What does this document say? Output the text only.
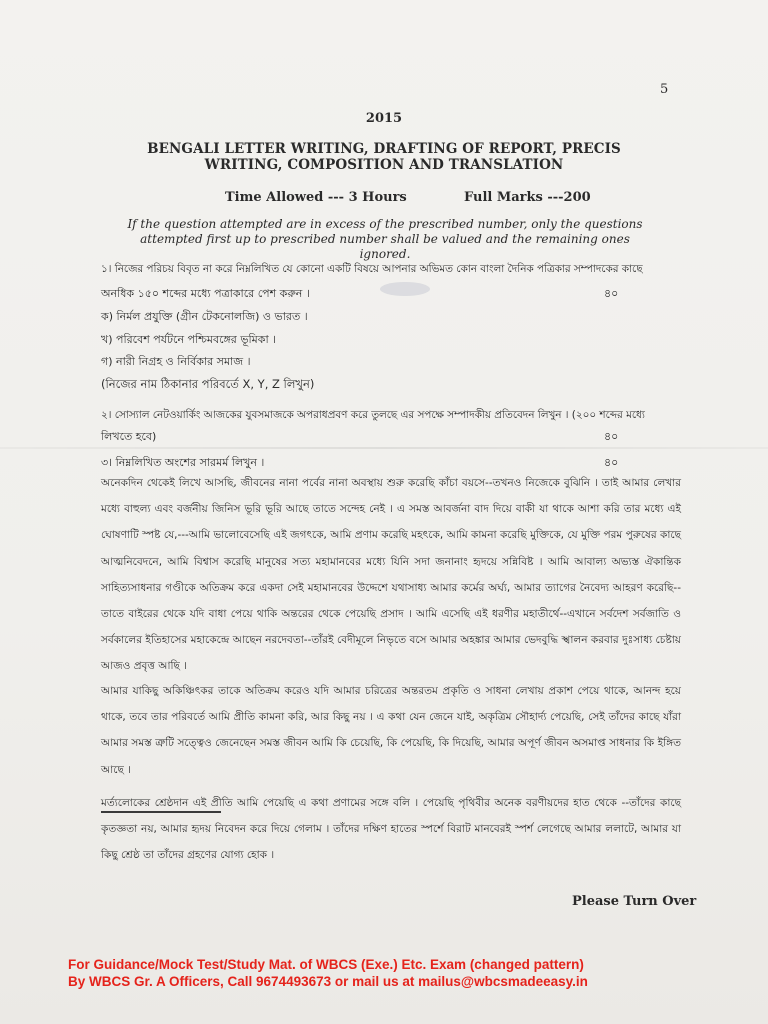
5
2015
BENGALI LETTER WRITING, DRAFTING OF REPORT, PRECIS WRITING, COMPOSITION AND TRANSLATION
Time Allowed --- 3 Hours	Full Marks ---200
If the question attempted are in excess of the prescribed number, only the questions attempted first up to prescribed number shall be valued and the remaining ones ignored.
১। নিজের পরিচয় বিবৃত না করে নিম্নলিখিত যে কোনো একটি বিষয়ে আপনার অভিমত কোন বাংলা দৈনিক পত্রিকার সম্পাদকের কাছে
অনধিক ১৫০ শব্দের মধ্যে পত্রাকারে পেশ করুন ।	৪০
ক) নির্মল প্রযুক্তি (গ্রীন টেকনোলজি) ও ভারত ।
খ) পরিবেশ পর্যটনে পশ্চিমবঙ্গের ভূমিকা ।
গ) নারী নিগ্রহ ও নির্বিকার সমাজ ।
(নিজের নাম ঠিকানার পরিবর্তে X, Y, Z লিখুন)
২। সোস্যাল নেটওয়ার্কিং আজকের যুবসমাজকে অপরাধপ্রবণ করে তুলছে এর সপক্ষে সম্পাদকীয় প্রতিবেদন লিখুন । (২০০ শব্দের মধ্যে
লিখতে হবে)	৪০
৩। নিম্নলিখিত অংশের সারমর্ম লিখুন ।	৪০
অনেকদিন থেকেই লিখে আসছি, জীবনের নানা পর্বের নানা অবস্থায় শুরু করেছি কাঁচা বয়সে--তখনও নিজেকে বুঝিনি । তাই আমার লেখার মধ্যে বাহুল্য এবং বর্জনীয় জিনিস ভূরি ভূরি আছে তাতে সন্দেহ নেই । এ সমস্ত আবর্জনা বাদ দিয়ে বাকী যা থাকে আশা করি তার মধ্যে এই ঘোষণাটি স্পষ্ট যে,---আমি ভালোবেসেছি এই জগৎকে, আমি প্রণাম করেছি মহৎকে, আমি কামনা করেছি মুক্তিকে, যে মুক্তি পরম পুরুষের কাছে আত্মনিবেদনে, আমি বিশ্বাস করেছি মানুষের সত্য মহামানবের মধ্যে যিনি সদা জনানাং হৃদয়ে সন্নিবিষ্ট । আমি আবাল্য অভ্যস্ত ঐকান্তিক সাহিত্যসাধনার গণ্ডীকে অতিক্রম করে একদা সেই মহামানবের উদ্দেশে যথাসাধ্য আমার কর্মের অর্ঘ্য, আমার ত্যাগের নৈবেদ্য আহরণ করেছি--তাতে বাইরের থেকে যদি বাধা পেয়ে থাকি অন্তরের থেকে পেয়েছি প্রসাদ । আমি এসেছি এই ধরণীর মহাতীর্থে--এখানে সর্বদেশ সর্বজাতি ও সর্বকালের ইতিহাসের মহাকেন্দ্রে আছেন নরদেবতা--তাঁরই বেদীমূলে নিভৃতে বসে আমার অহঙ্কার আমার ভেদবুদ্ধি স্খালন করবার দুঃসাধ্য চেষ্টায় আজও প্রবৃত্ত আছি ।
আমার যাকিছু অকিঞ্চিৎকর তাকে অতিক্রম করেও যদি আমার চরিত্রের অন্তরতম প্রকৃতি ও সাধনা লেখায় প্রকাশ পেয়ে থাকে, আনন্দ হয়ে থাকে, তবে তার পরিবর্তে আমি প্রীতি কামনা করি, আর কিছু নয় । এ কথা যেন জেনে যাই, অকৃত্রিম সৌহার্দ্য পেয়েছি, সেই তাঁদের কাছে যাঁরা আমার সমস্ত ত্রুটি সত্ত্বেও জেনেছেন সমস্ত জীবন আমি কি চেয়েছি, কি পেয়েছি, কি দিয়েছি, আমার অপূর্ণ জীবন অসমাপ্ত সাধনার কি ইঙ্গিত আছে ।
মর্ত্যলোকের শ্রেষ্ঠদান এই প্রীতি আমি পেয়েছি এ কথা প্রণামের সঙ্গে বলি । পেয়েছি পৃথিবীর অনেক বরণীয়দের হাত থেকে --তাঁদের কাছে কৃতজ্ঞতা নয়, আমার হৃদয় নিবেদন করে দিয়ে গেলাম । তাঁদের দক্ষিণ হাতের স্পর্শে বিরাট মানবেরই স্পর্শ লেগেছে আমার ললাটে, আমার যা কিছু শ্রেষ্ঠ তা তাঁদের গ্রহণের যোগ্য হোক ।
Please Turn Over
For Guidance/Mock Test/Study Mat. of WBCS (Exe.) Etc. Exam (changed pattern)
By WBCS Gr. A Officers, Call 9674493673 or mail us at mailus@wbcsmadeeasy.in
